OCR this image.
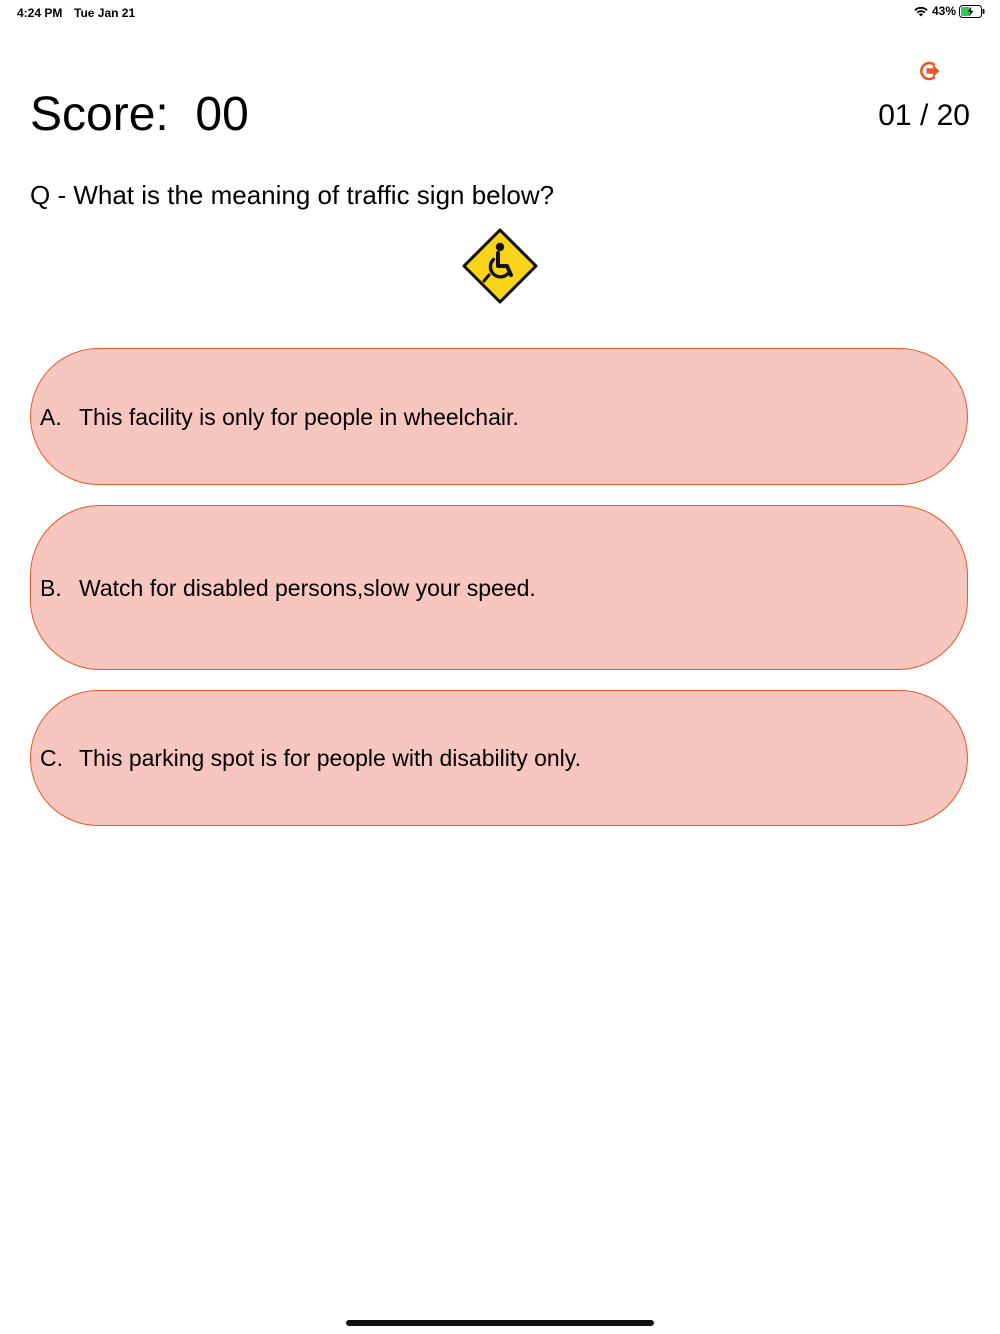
4:24 PM Tue Jan 21	43%
Score:  00	01 / 20
Q - What is the meaning of traffic sign below?
A. This facility is only for people in wheelchair.
B. Watch for disabled persons,slow your speed.
C. This parking spot is for people with disability only.
